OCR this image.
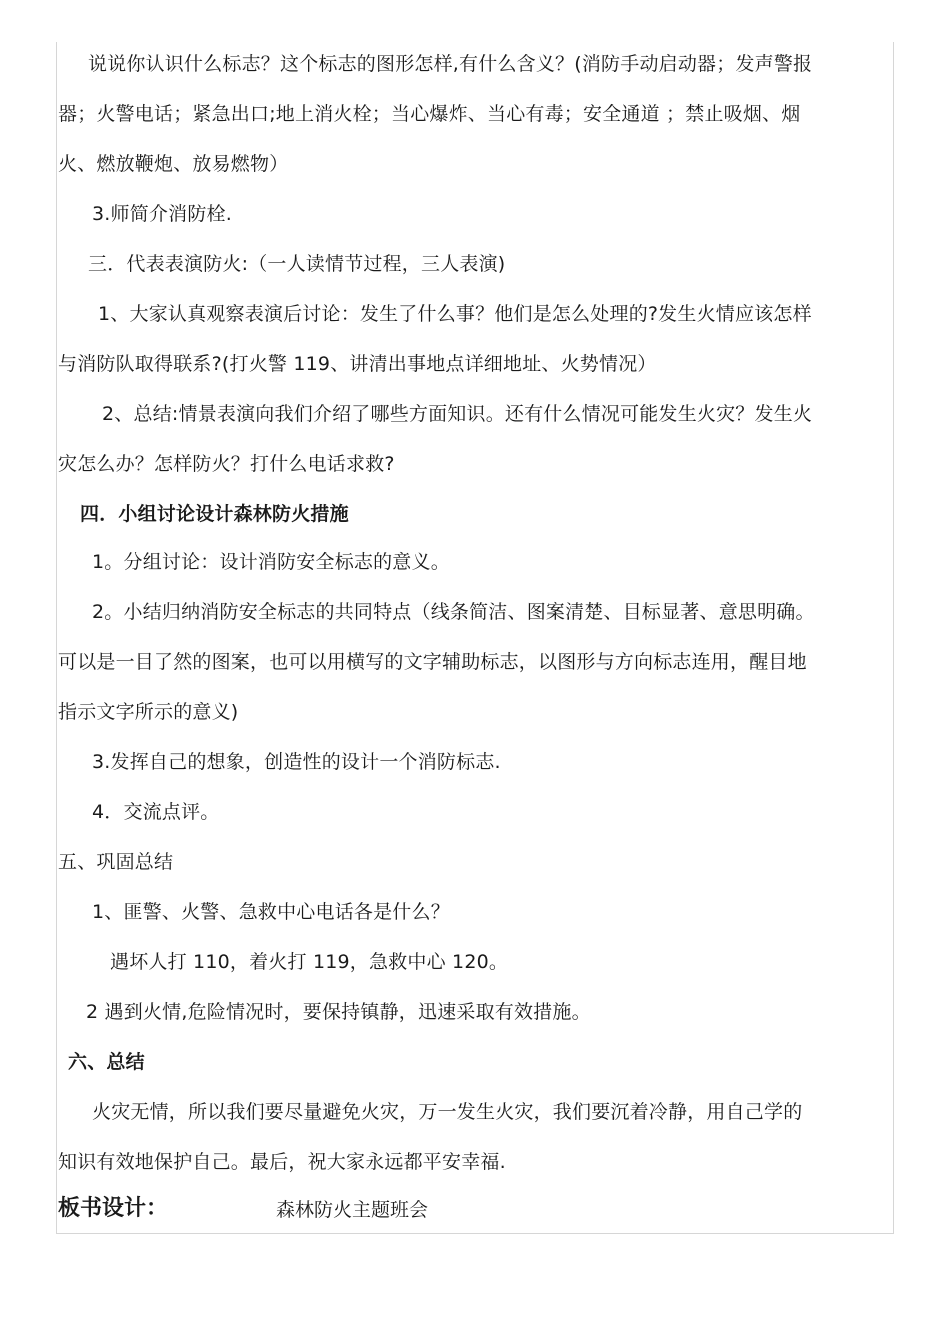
说说你认识什么标志？这个标志的图形怎样,有什么含义？(消防手动启动器；发声警报
器；火警电话；紧急出口;地上消火栓；当心爆炸、当心有毒；安全通道 ；禁止吸烟、烟
火、燃放鞭炮、放易燃物）
3.师简介消防栓.
三．代表表演防火:（一人读情节过程，三人表演)
1、大家认真观察表演后讨论：发生了什么事？他们是怎么处理的?发生火情应该怎样
与消防队取得联系?(打火警 119、讲清出事地点详细地址、火势情况）
2、总结:情景表演向我们介绍了哪些方面知识。还有什么情况可能发生火灾？发生火
灾怎么办？怎样防火？打什么电话求救?
四．小组讨论设计森林防火措施
1。分组讨论：设计消防安全标志的意义。
2。小结归纳消防安全标志的共同特点（线条简洁、图案清楚、目标显著、意思明确。
可以是一目了然的图案，也可以用横写的文字辅助标志，以图形与方向标志连用，醒目地
指示文字所示的意义)
3.发挥自己的想象，创造性的设计一个消防标志.
4．交流点评。
五、巩固总结
1、匪警、火警、急救中心电话各是什么？
遇坏人打 110，着火打 119，急救中心 120。
2 遇到火情,危险情况时，要保持镇静，迅速采取有效措施。
六、总结
火灾无情，所以我们要尽量避免火灾，万一发生火灾，我们要沉着冷静，用自己学的
知识有效地保护自己。最后，祝大家永远都平安幸福.
板书设计：	森林防火主题班会
